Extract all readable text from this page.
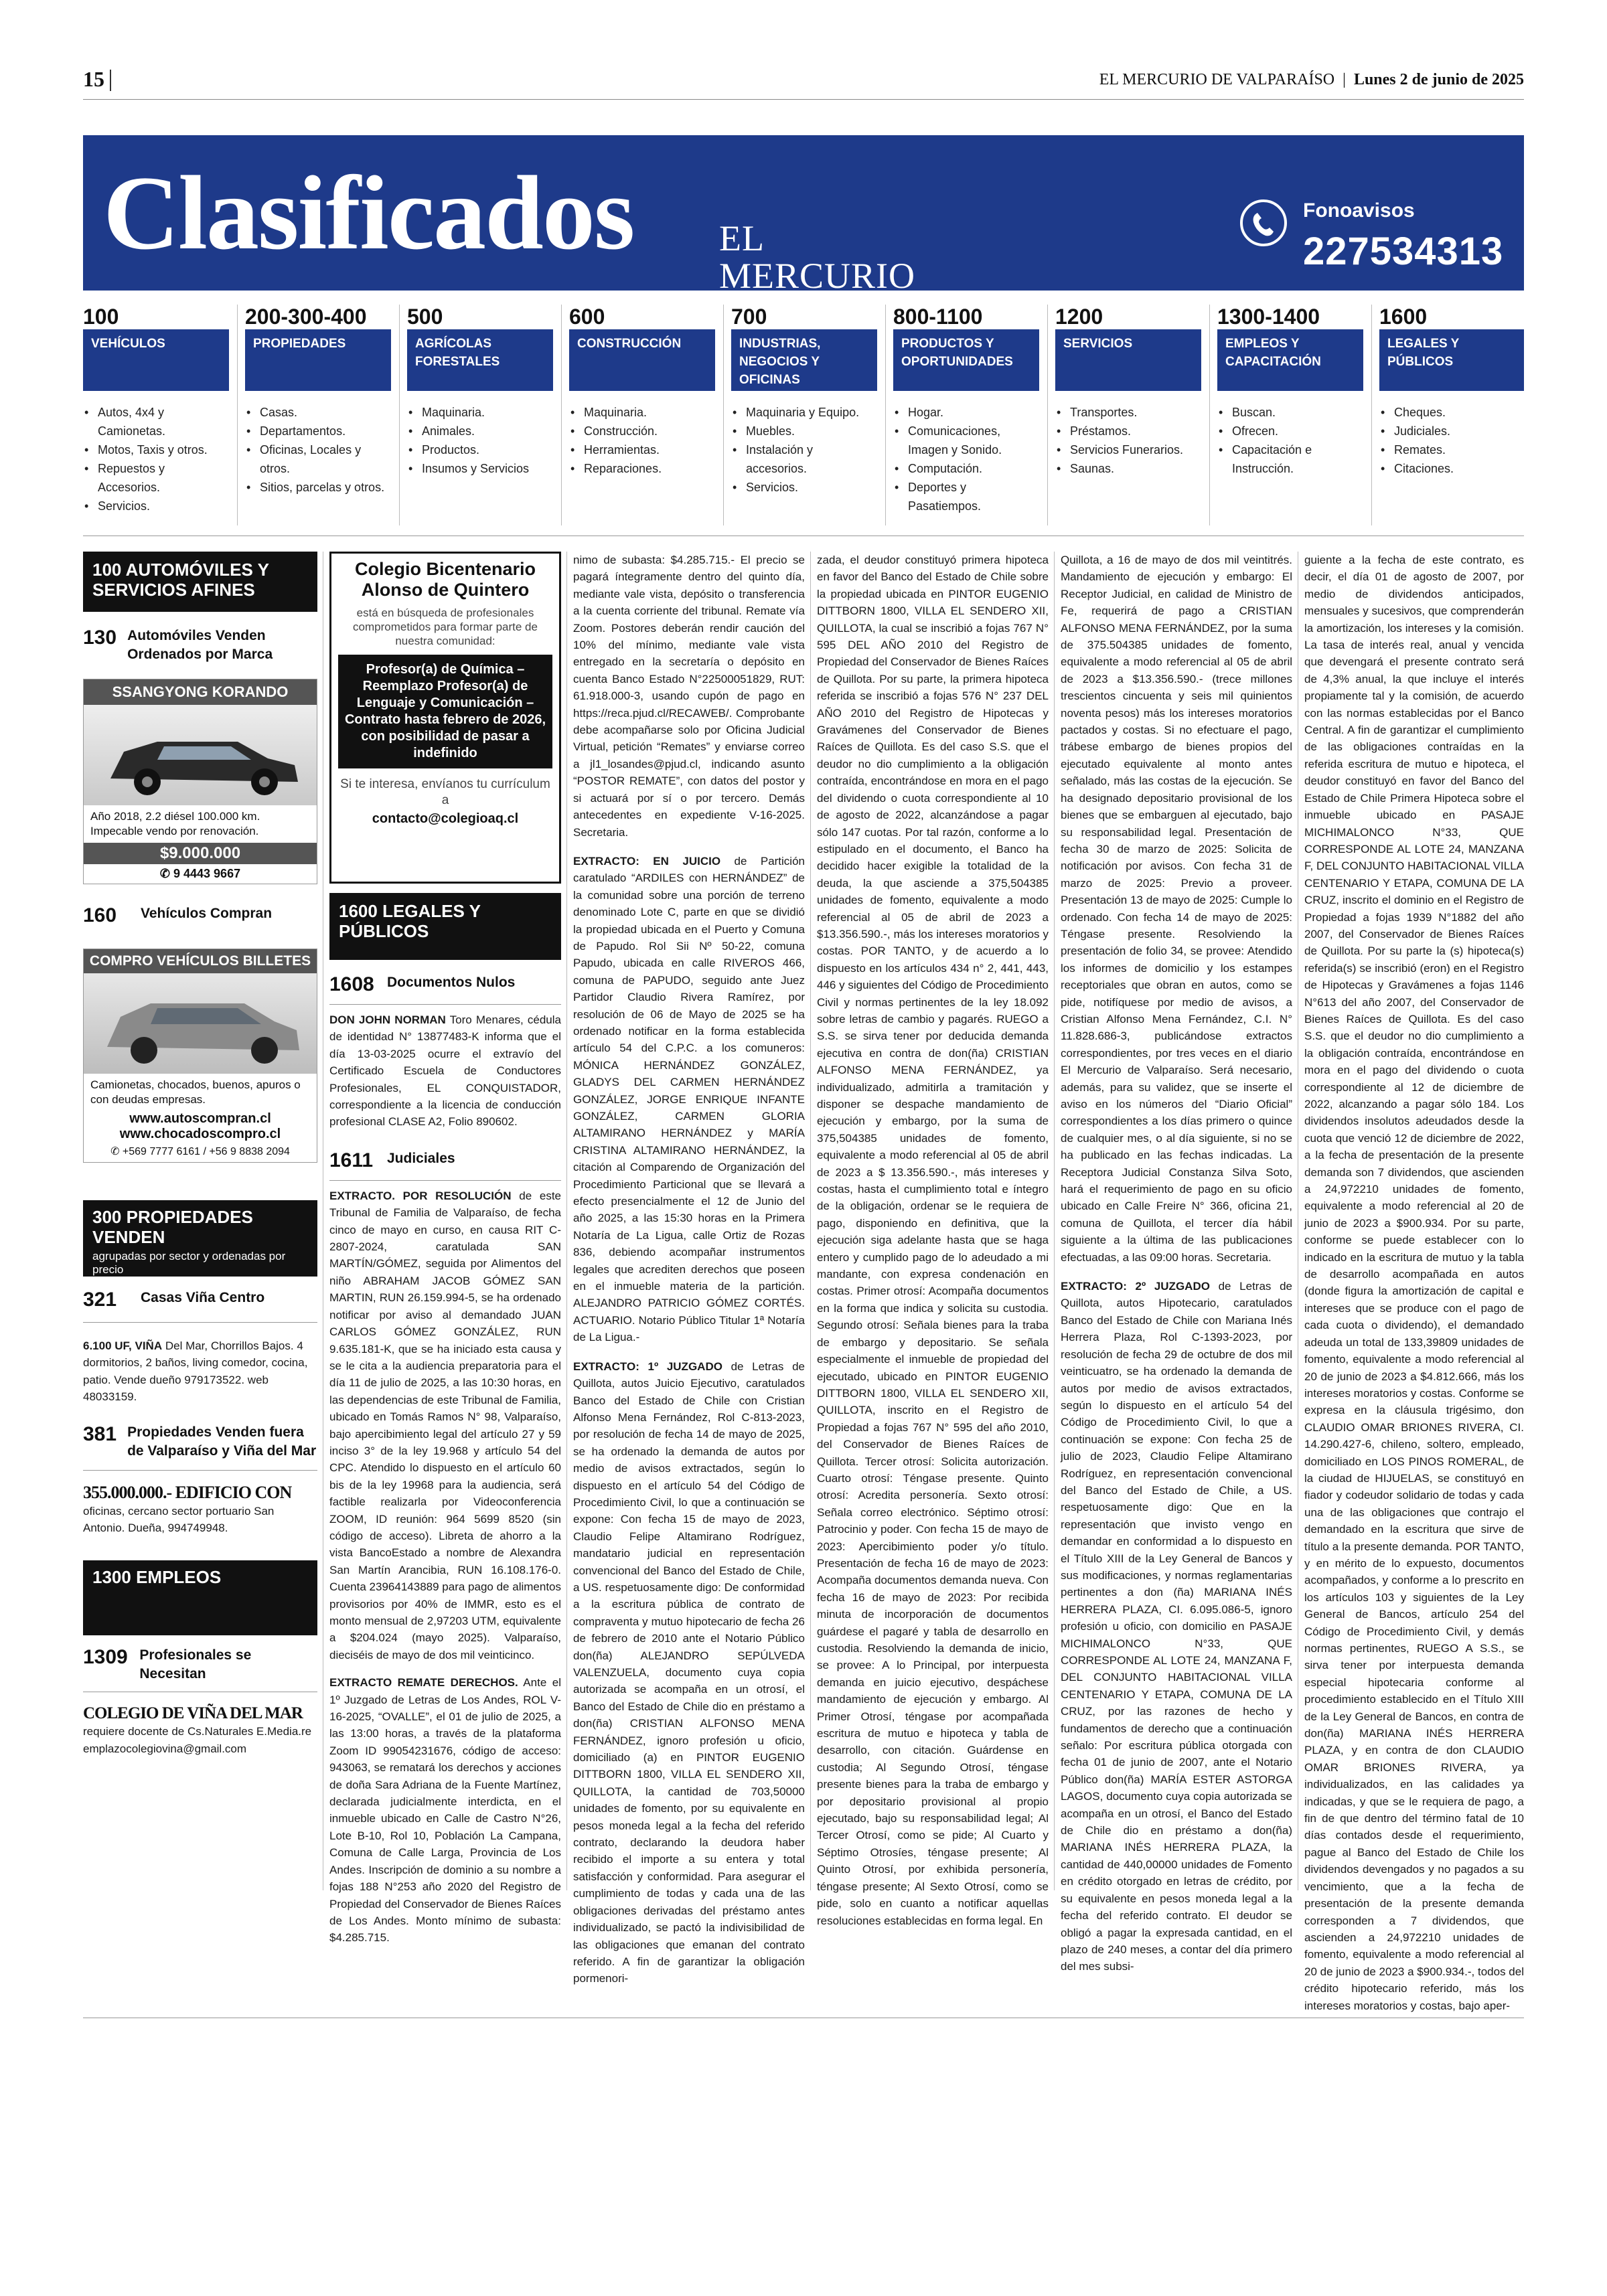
15	EL MERCURIO DE VALPARAÍSO | Lunes 2 de junio de 2025
Clasificados EL MERCURIO
DE VALPARAÍSO
Fonoavisos
227534313
100
VEHÍCULOS
• Autos, 4x4 y Camionetas.
• Motos, Taxis y otros.
• Repuestos y Accesorios.
• Servicios.
200-300-400
PROPIEDADES
• Casas.
• Departamentos.
• Oficinas, Locales y otros.
• Sitios, parcelas y otros.
500
AGRÍCOLAS FORESTALES
• Maquinaria.
• Animales.
• Productos.
• Insumos y Servicios
600
CONSTRUCCIÓN
• Maquinaria.
• Construcción.
• Herramientas.
• Reparaciones.
700
INDUSTRIAS, NEGOCIOS Y OFICINAS
• Maquinaria y Equipo.
• Muebles.
• Instalación y accesorios.
• Servicios.
800-1100
PRODUCTOS Y OPORTUNIDADES
• Hogar.
• Comunicaciones, Imagen y Sonido.
• Computación.
• Deportes y Pasatiempos.
1200
SERVICIOS
• Transportes.
• Préstamos.
• Servicios Funerarios.
• Saunas.
1300-1400
EMPLEOS Y CAPACITACIÓN
• Buscan.
• Ofrecen.
• Capacitación e Instrucción.
1600
LEGALES Y PÚBLICOS
• Cheques.
• Judiciales.
• Remates.
• Citaciones.
100 AUTOMÓVILES Y SERVICIOS AFINES
130 Automóviles Venden Ordenados por Marca
SSANGYONG KORANDO
Año 2018, 2.2 diésel 100.000 km. Impecable vendo por renovación.
$9.000.000
✆ 9 4443 9667
160	Vehículos Compran
COMPRO VEHÍCULOS BILLETES
Camionetas, chocados, buenos, apuros o con deudas empresas.
www.autoscompran.cl
www.chocadoscompro.cl
✆ +569 7777 6161 / +56 9 8838 2094
300 PROPIEDADES VENDEN
agrupadas por sector y ordenadas por precio
321	Casas Viña Centro
6.100 UF, VIÑA Del Mar, Chorrillos Bajos. 4 dormitorios, 2 baños, living comedor, cocina, patio. Vende dueño 979173522. web 48033159.
381 Propiedades Venden fuera de Valparaíso y Viña del Mar
355.000.000.- EDIFICIO CON
oficinas, cercano sector portuario San Antonio. Dueña, 994749948.
1300 EMPLEOS
1309 Profesionales se Necesitan
COLEGIO DE VIÑA DEL MAR
requiere docente de Cs.Naturales E.Media.reemplazocolegiovina@gmail.com
Colegio Bicentenario Alonso de Quintero
está en búsqueda de profesionales comprometidos para formar parte de nuestra comunidad:
Profesor(a) de Química – Reemplazo Profesor(a) de Lenguaje y Comunicación – Contrato hasta febrero de 2026, con posibilidad de pasar a indefinido
Si te interesa, envíanos tu currículum a
contacto@colegioaq.cl
1600 LEGALES Y PÚBLICOS
1608 Documentos Nulos
DON JOHN NORMAN Toro Menares, cédula de identidad N° 13877483-K informa que el día 13-03-2025 ocurre el extravío del Certificado Escuela de Conductores Profesionales, EL CONQUISTADOR, correspondiente a la licencia de conducción profesional CLASE A2, Folio 890602.
1611 Judiciales
EXTRACTO. POR RESOLUCIÓN de este Tribunal de Familia de Valparaíso, de fecha cinco de mayo en curso, en causa RIT C-2807-2024, caratulada SAN MARTÍN/GÓMEZ, seguida por Alimentos del niño ABRAHAM JACOB GÓMEZ SAN MARTIN, RUN 26.159.994-5, se ha ordenado notificar por aviso al demandado JUAN CARLOS GÓMEZ GONZÁLEZ, RUN 9.635.181-K, que se ha iniciado esta causa y se le cita a la audiencia preparatoria para el día 11 de julio de 2025, a las 10:30 horas, en las dependencias de este Tribunal de Familia, ubicado en Tomás Ramos N° 98, Valparaíso, bajo apercibimiento legal del artículo 27 y 59 inciso 3° de la ley 19.968 y artículo 54 del CPC. Atendido lo dispuesto en el artículo 60 bis de la ley 19968 para la audiencia, será factible realizarla por Videoconferencia ZOOM, ID reunión: 964 5699 8520 (sin código de acceso). Libreta de ahorro a la vista BancoEstado a nombre de Alexandra San Martín Arancibia, RUN 16.108.176-0. Cuenta 23964143889 para pago de alimentos provisorios por 40% de IMMR, esto es el monto mensual de 2,97203 UTM, equivalente a $204.024 (mayo 2025). Valparaíso, dieciséis de mayo de dos mil veinticinco.
EXTRACTO REMATE DERECHOS. Ante el 1º Juzgado de Letras de Los Andes, ROL V-16-2025, “OVALLE”, el 01 de julio de 2025, a las 13:00 horas, a través de la plataforma Zoom ID 99054231676, código de acceso: 943063, se rematará los derechos y acciones de doña Sara Adriana de la Fuente Martínez, declarada judicialmente interdicta, en el inmueble ubicado en Calle de Castro N°26, Lote B-10, Rol 10, Población La Campana, Comuna de Calle Larga, Provincia de Los Andes. Inscripción de dominio a su nombre a fojas 188 N°253 año 2020 del Registro de Propiedad del Conservador de Bienes Raíces de Los Andes. Monto mínimo de subasta: $4.285.715.
nimo de subasta: $4.285.715.- El precio se pagará íntegramente dentro del quinto día, mediante vale vista, depósito o transferencia a la cuenta corriente del tribunal. Remate vía Zoom. Postores deberán rendir caución del 10% del mínimo, mediante vale vista entregado en la secretaría o depósito en cuenta Banco Estado N°22500051829, RUT: 61.918.000-3, usando cupón de pago en https://reca.pjud.cl/RECAWEB/. Comprobante debe acompañarse solo por Oficina Judicial Virtual, petición “Remates” y enviarse correo a jl1_losandes@pjud.cl, indicando asunto “POSTOR REMATE”, con datos del postor y si actuará por sí o por tercero. Demás antecedentes en expediente V-16-2025. Secretaria.
EXTRACTO: EN JUICIO de Partición caratulado “ARDILES con HERNÁNDEZ” de la comunidad sobre una porción de terreno denominado Lote C, parte en que se dividió la propiedad ubicada en el Puerto y Comuna de Papudo. Rol Sii Nº 50-22, comuna Papudo, ubicada en calle RIVEROS 466, comuna de PAPUDO, seguido ante Juez Partidor Claudio Rivera Ramírez, por resolución de 06 de Mayo de 2025 se ha ordenado notificar en la forma establecida artículo 54 del C.P.C. a los comuneros: MÓNICA HERNÁNDEZ GONZÁLEZ, GLADYS DEL CARMEN HERNÁNDEZ GONZÁLEZ, JORGE ENRIQUE INFANTE GONZÁLEZ, CARMEN GLORIA ALTAMIRANO HERNÁNDEZ y MARÍA CRISTINA ALTAMIRANO HERNÁNDEZ, la citación al Comparendo de Organización del Procedimiento Particional que se llevará a efecto presencialmente el 12 de Junio del año 2025, a las 15:30 horas en la Primera Notaría de La Ligua, calle Ortiz de Rozas 836, debiendo acompañar instrumentos legales que acrediten derechos que poseen en el inmueble materia de la partición. ALEJANDRO PATRICIO GÓMEZ CORTÉS. ACTUARIO. Notario Público Titular 1ª Notaría de La Ligua.-
EXTRACTO: 1º JUZGADO de Letras de Quillota, autos Juicio Ejecutivo, caratulados Banco del Estado de Chile con Cristian Alfonso Mena Fernández, Rol C-813-2023, por resolución de fecha 14 de mayo de 2025, se ha ordenado la demanda de autos por medio de avisos extractados, según lo dispuesto en el artículo 54 del Código de Procedimiento Civil, lo que a continuación se expone: Con fecha 15 de mayo de 2023, Claudio Felipe Altamirano Rodríguez, mandatario judicial en representación convencional del Banco del Estado de Chile, a US. respetuosamente digo: De conformidad a la escritura pública de contrato de compraventa y mutuo hipotecario de fecha 26 de febrero de 2010 ante el Notario Público don(ña) ALEJANDRO SEPÚLVEDA VALENZUELA, documento cuya copia autorizada se acompaña en un otrosí, el Banco del Estado de Chile dio en préstamo a don(ña) CRISTIAN ALFONSO MENA FERNÁNDEZ, ignoro profesión u oficio, domiciliado (a) en PINTOR EUGENIO DITTBORN 1800, VILLA EL SENDERO XII, QUILLOTA, la cantidad de 703,50000 unidades de fomento, por su equivalente en pesos moneda legal a la fecha del referido contrato, declarando la deudora haber recibido el importe a su entera y total satisfacción y conformidad. Para asegurar el cumplimiento de todas y cada una de las obligaciones derivadas del préstamo antes individualizado, se pactó la indivisibilidad de las obligaciones que emanan del contrato referido. A fin de garantizar la obligación pormenori-
zada, el deudor constituyó primera hipoteca en favor del Banco del Estado de Chile sobre la propiedad ubicada en PINTOR EUGENIO DITTBORN 1800, VILLA EL SENDERO XII, QUILLOTA, la cual se inscribió a fojas 767 N° 595 DEL AÑO 2010 del Registro de Propiedad del Conservador de Bienes Raíces de Quillota. Por su parte, la primera hipoteca referida se inscribió a fojas 576 N° 237 DEL AÑO 2010 del Registro de Hipotecas y Gravámenes del Conservador de Bienes Raíces de Quillota. Es del caso S.S. que el deudor no dio cumplimiento a la obligación contraída, encontrándose en mora en el pago del dividendo o cuota correspondiente al 10 de agosto de 2022, alcanzándose a pagar sólo 147 cuotas. Por tal razón, conforme a lo estipulado en el documento, el Banco ha decidido hacer exigible la totalidad de la deuda, la que asciende a 375,504385 unidades de fomento, equivalente a modo referencial al 05 de abril de 2023 a $13.356.590.-, más los intereses moratorios y costas. POR TANTO, y de acuerdo a lo dispuesto en los artículos 434 n° 2, 441, 443, 446 y siguientes del Código de Procedimiento Civil y normas pertinentes de la ley 18.092 sobre letras de cambio y pagarés. RUEGO a S.S. se sirva tener por deducida demanda ejecutiva en contra de don(ña) CRISTIAN ALFONSO MENA FERNÁNDEZ, ya individualizado, admitirla a tramitación y disponer se despache mandamiento de ejecución y embargo, por la suma de 375,504385 unidades de fomento, equivalente a modo referencial al 05 de abril de 2023 a $ 13.356.590.-, más intereses y costas, hasta el cumplimiento total e íntegro de la obligación, ordenar se le requiera de pago, disponiendo en definitiva, que la ejecución siga adelante hasta que se haga entero y cumplido pago de lo adeudado a mi mandante, con expresa condenación en costas. Primer otrosí: Acompaña documentos en la forma que indica y solicita su custodia. Segundo otrosí: Señala bienes para la traba de embargo y depositario. Se señala especialmente el inmueble de propiedad del ejecutado, ubicado en PINTOR EUGENIO DITTBORN 1800, VILLA EL SENDERO XII, QUILLOTA, inscrito en el Registro de Propiedad a fojas 767 N° 595 del año 2010, del Conservador de Bienes Raíces de Quillota. Tercer otrosí: Solicita autorización. Cuarto otrosí: Téngase presente. Quinto otrosí: Acredita personería. Sexto otrosí: Señala correo electrónico. Séptimo otrosí: Patrocinio y poder. Con fecha 15 de mayo de 2023: Apercibimiento poder y/o título. Presentación de fecha 16 de mayo de 2023: Acompaña documentos demanda nueva. Con fecha 16 de mayo de 2023: Por recibida minuta de incorporación de documentos guárdese el pagaré y tabla de desarrollo en custodia. Resolviendo la demanda de inicio, se provee: A lo Principal, por interpuesta demanda en juicio ejecutivo, despáchese mandamiento de ejecución y embargo. Al Primer Otrosí, téngase por acompañada escritura de mutuo e hipoteca y tabla de desarrollo, con citación. Guárdense en custodia; Al Segundo Otrosí, téngase presente bienes para la traba de embargo y por depositario provisional al propio ejecutado, bajo su responsabilidad legal; Al Tercer Otrosí, como se pide; Al Cuarto y Séptimo Otrosíes, téngase presente; Al Quinto Otrosí, por exhibida personería, téngase presente; Al Sexto Otrosí, como se pide, solo en cuanto a notificar aquellas resoluciones establecidas en forma legal. En
Quillota, a 16 de mayo de dos mil veintitrés. Mandamiento de ejecución y embargo: El Receptor Judicial, en calidad de Ministro de Fe, requerirá de pago a CRISTIAN ALFONSO MENA FERNÁNDEZ, por la suma de 375.504385 unidades de fomento, equivalente a modo referencial al 05 de abril de 2023 a $13.356.590.- (trece millones trescientos cincuenta y seis mil quinientos noventa pesos) más los intereses moratorios pactados y costas. Si no efectuare el pago, trábese embargo de bienes propios del ejecutado equivalente al monto antes señalado, más las costas de la ejecución. Se ha designado depositario provisional de los bienes que se embarguen al ejecutado, bajo su responsabilidad legal. Presentación de fecha 30 de marzo de 2025: Solicita de notificación por avisos. Con fecha 31 de marzo de 2025: Previo a proveer. Presentación 13 de mayo de 2025: Cumple lo ordenado. Con fecha 14 de mayo de 2025: Téngase presente. Resolviendo la presentación de folio 34, se provee: Atendido los informes de domicilio y los estampes receptoriales que obran en autos, como se pide, notifíquese por medio de avisos, a Cristian Alfonso Mena Fernández, C.I. N° 11.828.686-3, publicándose extractos correspondientes, por tres veces en el diario El Mercurio de Valparaíso. Será necesario, además, para su validez, que se inserte el aviso en los números del “Diario Oficial” correspondientes a los días primero o quince de cualquier mes, o al día siguiente, si no se ha publicado en las fechas indicadas. La Receptora Judicial Constanza Silva Soto, hará el requerimiento de pago en su oficio ubicado en Calle Freire N° 366, oficina 21, comuna de Quillota, el tercer día hábil siguiente a la última de las publicaciones efectuadas, a las 09:00 horas. Secretaria.
EXTRACTO: 2º JUZGADO de Letras de Quillota, autos Hipotecario, caratulados Banco del Estado de Chile con Mariana Inés Herrera Plaza, Rol C-1393-2023, por resolución de fecha 29 de octubre de dos mil veinticuatro, se ha ordenado la demanda de autos por medio de avisos extractados, según lo dispuesto en el artículo 54 del Código de Procedimiento Civil, lo que a continuación se expone: Con fecha 25 de julio de 2023, Claudio Felipe Altamirano Rodríguez, en representación convencional del Banco del Estado de Chile, a US. respetuosamente digo: Que en la representación que invisto vengo en demandar en conformidad a lo dispuesto en el Título XIII de la Ley General de Bancos y sus modificaciones, y normas reglamentarias pertinentes a don (ña) MARIANA INÉS HERRERA PLAZA, CI. 6.095.086-5, ignoro profesión u oficio, con domicilio en PASAJE MICHIMALONCO N°33, QUE CORRESPONDE AL LOTE 24, MANZANA F, DEL CONJUNTO HABITACIONAL VILLA CENTENARIO Y ETAPA, COMUNA DE LA CRUZ, por las razones de hecho y fundamentos de derecho que a continuación señalo: Por escritura pública otorgada con fecha 01 de junio de 2007, ante el Notario Público don(ña) MARÍA ESTER ASTORGA LAGOS, documento cuya copia autorizada se acompaña en un otrosí, el Banco del Estado de Chile dio en préstamo a don(ña) MARIANA INÉS HERRERA PLAZA, la cantidad de 440,00000 unidades de Fomento en crédito otorgado en letras de crédito, por su equivalente en pesos moneda legal a la fecha del referido contrato. El deudor se obligó a pagar la expresada cantidad, en el plazo de 240 meses, a contar del día primero del mes subsi-
guiente a la fecha de este contrato, es decir, el día 01 de agosto de 2007, por medio de dividendos anticipados, mensuales y sucesivos, que comprenderán la amortización, los intereses y la comisión. La tasa de interés real, anual y vencida que devengará el presente contrato será de 4,3% anual, la que incluye el interés propiamente tal y la comisión, de acuerdo con las normas establecidas por el Banco Central. A fin de garantizar el cumplimiento de las obligaciones contraídas en la referida escritura de mutuo e hipoteca, el deudor constituyó en favor del Banco del Estado de Chile Primera Hipoteca sobre el inmueble ubicado en PASAJE MICHIMALONCO N°33, QUE CORRESPONDE AL LOTE 24, MANZANA F, DEL CONJUNTO HABITACIONAL VILLA CENTENARIO Y ETAPA, COMUNA DE LA CRUZ, inscrito el dominio en el Registro de Propiedad a fojas 1939 N°1882 del año 2007, del Conservador de Bienes Raíces de Quillota. Por su parte la (s) hipoteca(s) referida(s) se inscribió (eron) en el Registro de Hipotecas y Gravámenes a fojas 1146 N°613 del año 2007, del Conservador de Bienes Raíces de Quillota. Es del caso S.S. que el deudor no dio cumplimiento a la obligación contraída, encontrándose en mora en el pago del dividendo o cuota correspondiente al 12 de diciembre de 2022, alcanzando a pagar sólo 184. Los dividendos insolutos adeudados desde la cuota que venció 12 de diciembre de 2022, a la fecha de presentación de la presente demanda son 7 dividendos, que ascienden a 24,972210 unidades de fomento, equivalente a modo referencial al 20 de junio de 2023 a $900.934. Por su parte, conforme se puede establecer con lo indicado en la escritura de mutuo y la tabla de desarrollo acompañada en autos (donde figura la amortización de capital e intereses que se produce con el pago de cada cuota o dividendo), el demandado adeuda un total de 133,39809 unidades de fomento, equivalente a modo referencial al 20 de junio de 2023 a $4.812.666, más los intereses moratorios y costas. Conforme se expresa en la cláusula trigésimo, don CLAUDIO OMAR BRIONES RIVERA, CI. 14.290.427-6, chileno, soltero, empleado, domiciliado en LOS PINOS ROMERAL, de la ciudad de HIJUELAS, se constituyó en fiador y codeudor solidario de todas y cada una de las obligaciones que contrajo el demandado en la escritura que sirve de título a la presente demanda. POR TANTO, y en mérito de lo expuesto, documentos acompañados, y conforme a lo prescrito en los artículos 103 y siguientes de la Ley General de Bancos, artículo 254 del Código de Procedimiento Civil, y demás normas pertinentes, RUEGO A S.S., se sirva tener por interpuesta demanda especial hipotecaria conforme al procedimiento establecido en el Título XIII de la Ley General de Bancos, en contra de don(ña) MARIANA INÉS HERRERA PLAZA, y en contra de don CLAUDIO OMAR BRIONES RIVERA, ya individualizados, en las calidades ya indicadas, y que se le requiera de pago, a fin de que dentro del término fatal de 10 días contados desde el requerimiento, pague al Banco del Estado de Chile los dividendos devengados y no pagados a su vencimiento, que a la fecha de presentación de la presente demanda corresponden a 7 dividendos, que ascienden a 24,972210 unidades de fomento, equivalente a modo referencial al 20 de junio de 2023 a $900.934.-, todos del crédito hipotecario referido, más los intereses moratorios y costas, bajo aper-
